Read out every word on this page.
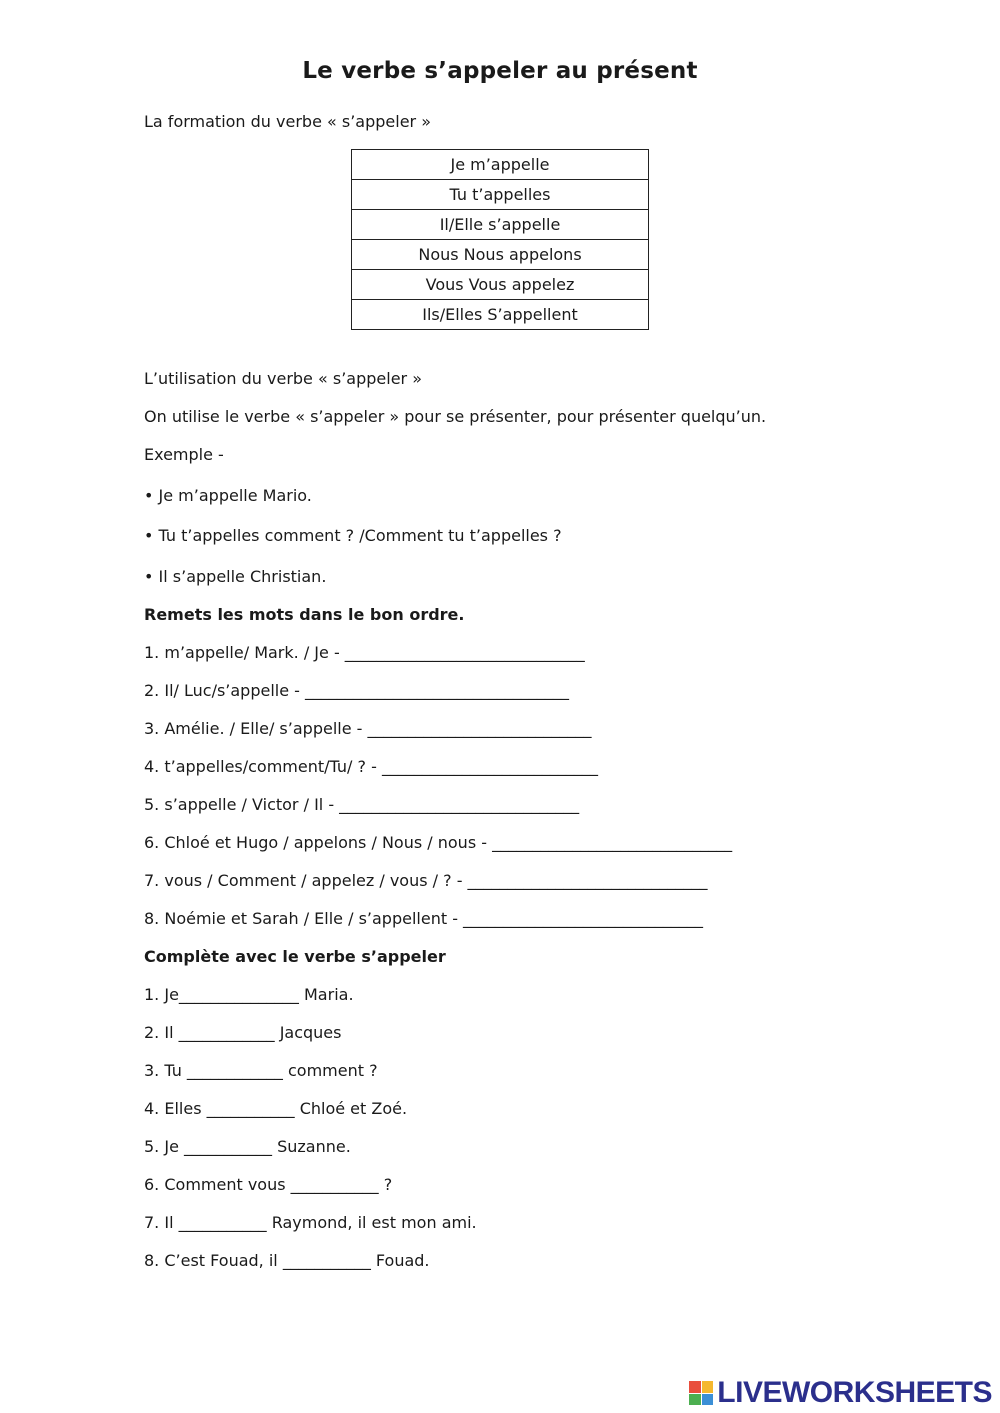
Le verbe s’appeler au présent
La formation du verbe « s’appeler »
Je m’appelle
Tu t’appelles
Il/Elle s’appelle
Nous Nous appelons
Vous Vous appelez
Ils/Elles S’appellent
L’utilisation du verbe « s’appeler »
On utilise le verbe « s’appeler » pour se présenter, pour présenter quelqu’un.
Exemple -
• Je m’appelle Mario.
• Tu t’appelles comment ? /Comment tu t’appelles ?
• Il s’appelle Christian.
Remets les mots dans le bon ordre.
1. m’appelle/ Mark. / Je - ______________________________
2. Il/ Luc/s’appelle - _________________________________
3. Amélie. / Elle/ s’appelle - ____________________________
4. t’appelles/comment/Tu/ ? - ___________________________
5. s’appelle / Victor / Il - ______________________________
6. Chloé et Hugo / appelons / Nous / nous - ______________________________
7. vous / Comment / appelez / vous / ? - ______________________________
8. Noémie et Sarah / Elle / s’appellent - ______________________________
Complète avec le verbe s’appeler
1. Je_______________ Maria.
2. Il ____________ Jacques
3. Tu ____________ comment ?
4. Elles ___________ Chloé et Zoé.
5. Je ___________ Suzanne.
6. Comment vous ___________ ?
7. Il ___________ Raymond, il est mon ami.
8. C’est Fouad, il ___________ Fouad.
LIVEWORKSHEETS
